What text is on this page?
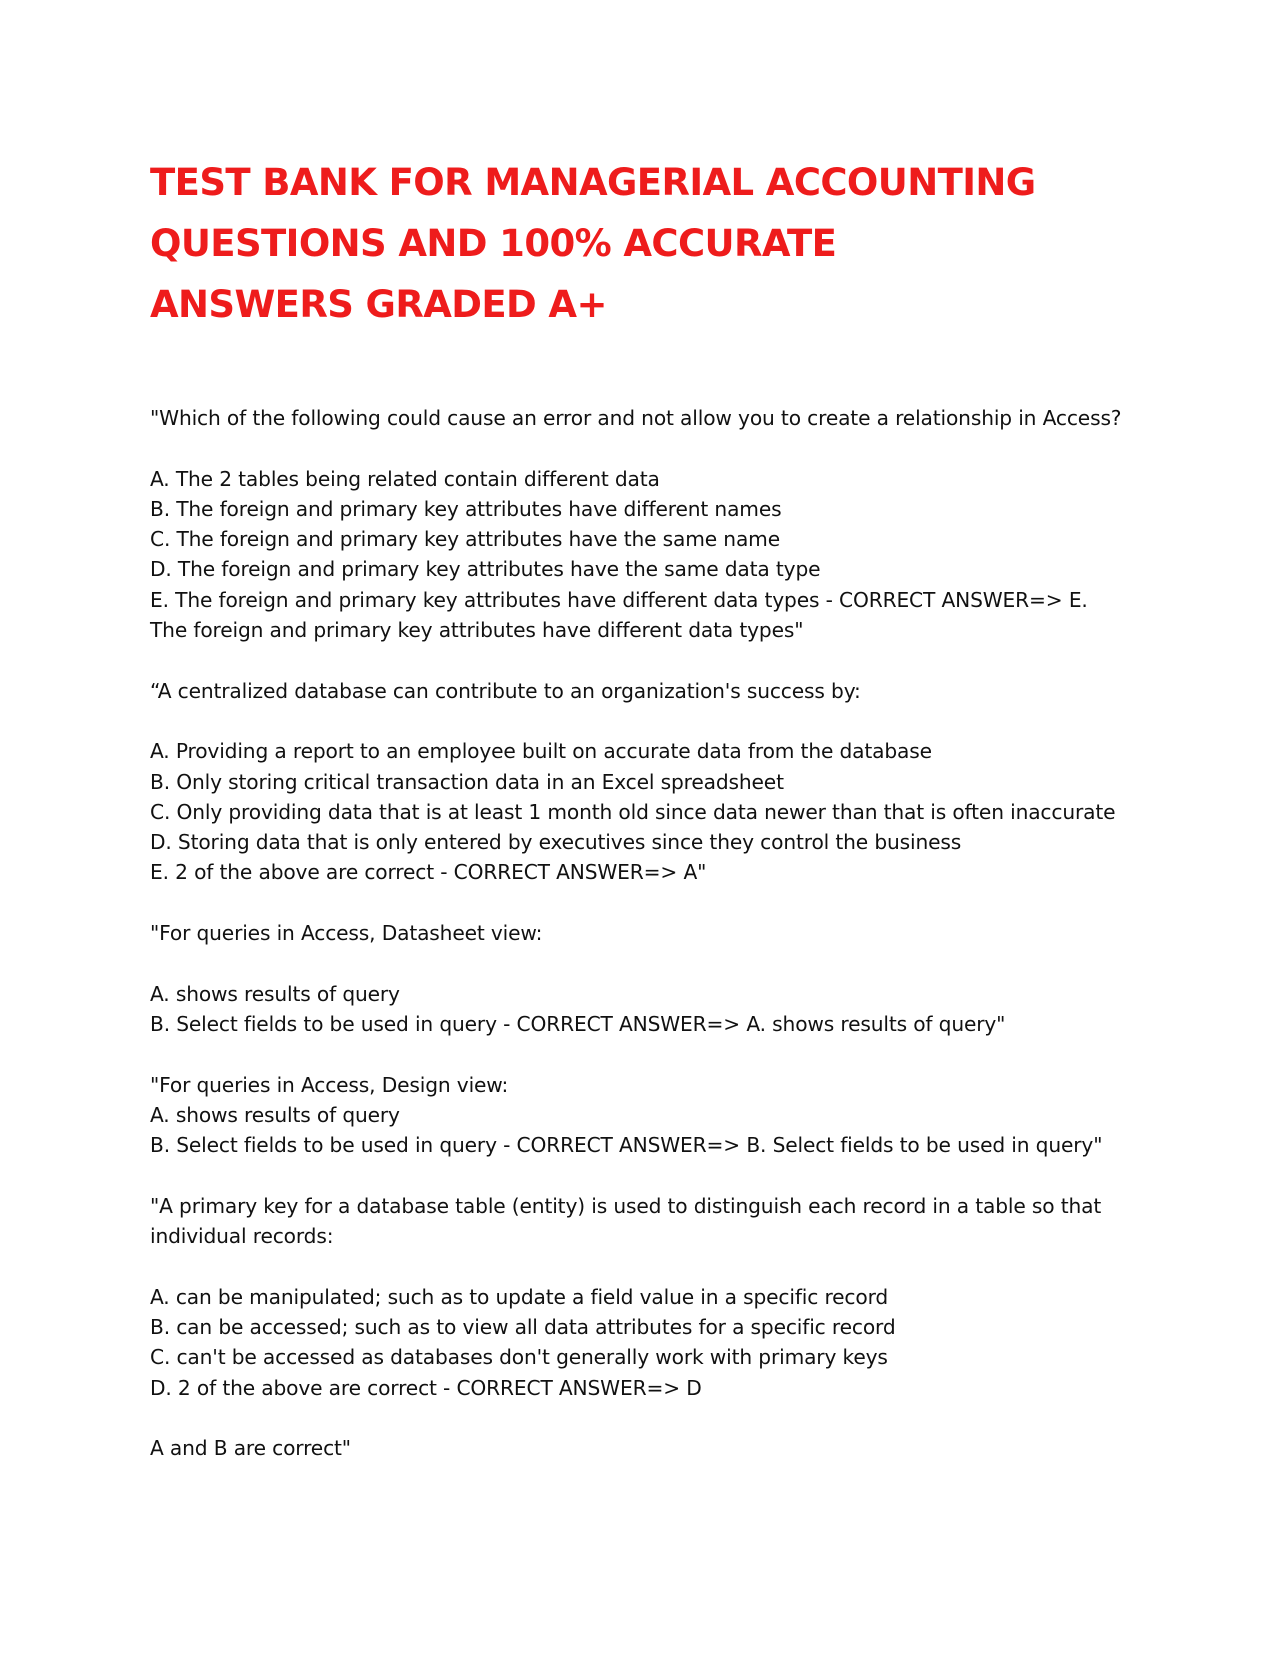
TEST BANK FOR MANAGERIAL ACCOUNTING QUESTIONS AND 100% ACCURATE ANSWERS GRADED A+
"Which of the following could cause an error and not allow you to create a relationship in Access?
A. The 2 tables being related contain different data
B. The foreign and primary key attributes have different names
C. The foreign and primary key attributes have the same name
D. The foreign and primary key attributes have the same data type
E. The foreign and primary key attributes have different data types - CORRECT ANSWER=> E. The foreign and primary key attributes have different data types"
“A centralized database can contribute to an organization's success by:
A. Providing a report to an employee built on accurate data from the database
B. Only storing critical transaction data in an Excel spreadsheet
C. Only providing data that is at least 1 month old since data newer than that is often inaccurate
D. Storing data that is only entered by executives since they control the business
E. 2 of the above are correct - CORRECT ANSWER=> A"
"For queries in Access, Datasheet view:
A. shows results of query
B. Select fields to be used in query - CORRECT ANSWER=> A. shows results of query"
"For queries in Access, Design view:
A. shows results of query
B. Select fields to be used in query - CORRECT ANSWER=> B. Select fields to be used in query"
"A primary key for a database table (entity) is used to distinguish each record in a table so that individual records:
A. can be manipulated; such as to update a field value in a specific record
B. can be accessed; such as to view all data attributes for a specific record
C. can't be accessed as databases don't generally work with primary keys
D. 2 of the above are correct - CORRECT ANSWER=> D
A and B are correct"
